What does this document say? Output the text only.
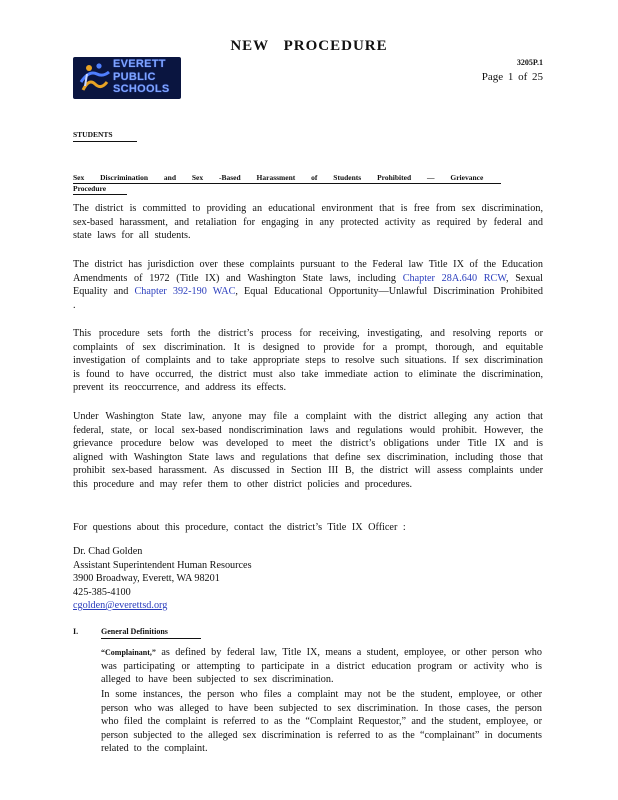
NEW PROCEDURE
EVERETT
PUBLIC
SCHOOLS
3205P.1
Page 1 of 25
STUDENTS
Sex Discrimination and Sex -Based Harassment of Students Prohibited — Grievance Procedure
The district is committed to providing an educational environment that is free from sex discrimination, sex-based harassment, and retaliation for engaging in any protected activity as required by federal and state laws for all students.
The district has jurisdiction over these complaints pursuant to the Federal law Title IX of the Education Amendments of 1972 (Title IX) and Washington State laws, including Chapter 28A.640 RCW, Sexual Equality and Chapter 392-190 WAC, Equal Educational Opportunity—Unlawful Discrimination Prohibited .
This procedure sets forth the district’s process for receiving, investigating, and resolving reports or complaints of sex discrimination. It is designed to provide for a prompt, thorough, and equitable investigation of complaints and to take appropriate steps to resolve such situations. If sex discrimination is found to have occurred, the district must also take immediate action to eliminate the discrimination, prevent its reoccurrence, and address its effects.
Under Washington State law, anyone may file a complaint with the district alleging any action that federal, state, or local sex-based nondiscrimination laws and regulations would prohibit. However, the grievance procedure below was developed to meet the district’s obligations under Title IX and is aligned with Washington State laws and regulations that define sex discrimination, including those that prohibit sex-based harassment. As discussed in Section III B, the district will assess complaints under this procedure and may refer them to other district policies and procedures.
For questions about this procedure, contact the district’s Title IX Officer :
Dr. Chad Golden
Assistant Superintendent Human Resources
3900 Broadway, Everett, WA 98201
425-385-4100
cgolden@everettsd.org
I.	General Definitions
“Complainant,” as defined by federal law, Title IX, means a student, employee, or other person who was participating or attempting to participate in a district education program or activity who is alleged to have been subjected to sex discrimination.
In some instances, the person who files a complaint may not be the student, employee, or other person who was alleged to have been subjected to sex discrimination. In those cases, the person who filed the complaint is referred to as the “Complaint Requestor,” and the student, employee, or person subjected to the alleged sex discrimination is referred to as the “complainant” in documents related to the complaint.
